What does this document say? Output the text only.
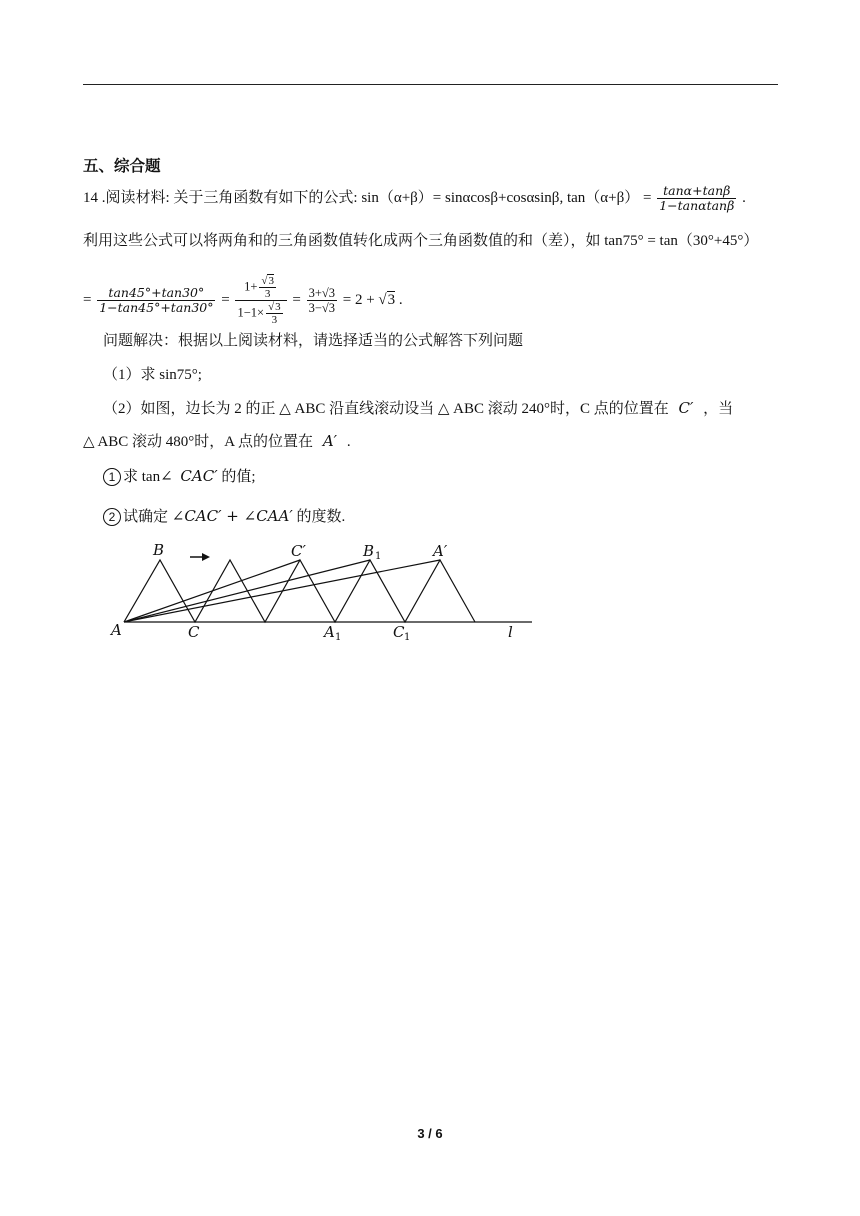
五、综合题
14 .阅读材料: 关于三角函数有如下的公式: sin（α+β）= sinαcosβ+cosαsinβ, $\tan(\alpha+\beta) = \frac{\tan\alpha+\tan\beta}{1-\tan\alpha\tan\beta}$ .
利用这些公式可以将两角和的三角函数值转化成两个三角函数值的和（差），如 tan75° = tan（30°+45°）
= $\frac{\tan 45^\circ+\tan 30^\circ}{1-\tan 45^\circ+\tan 30^\circ} = \frac{1+ \frac{√3}{3}}{1-1\times \frac{√3}{3}} = \frac{3+√3}{3-√3} = 2 + √3$ .
问题解决：根据以上阅读材料，请选择适当的公式解答下列问题
（1）求 sin75°;
（2）如图，边长为 2 的正 △ ABC 沿直线滚动设当 △ ABC 滚动 240°时，C 点的位置在 C′ ，当
△ ABC 滚动 480°时，A 点的位置在 A′ .
1 求 tan∠ CAC′ 的值;
2 试确定 ∠CAC′ + ∠CAA′ 的度数.
A
B
C
C′	B 1	A′
A 1	C 1	l
3 / 6
